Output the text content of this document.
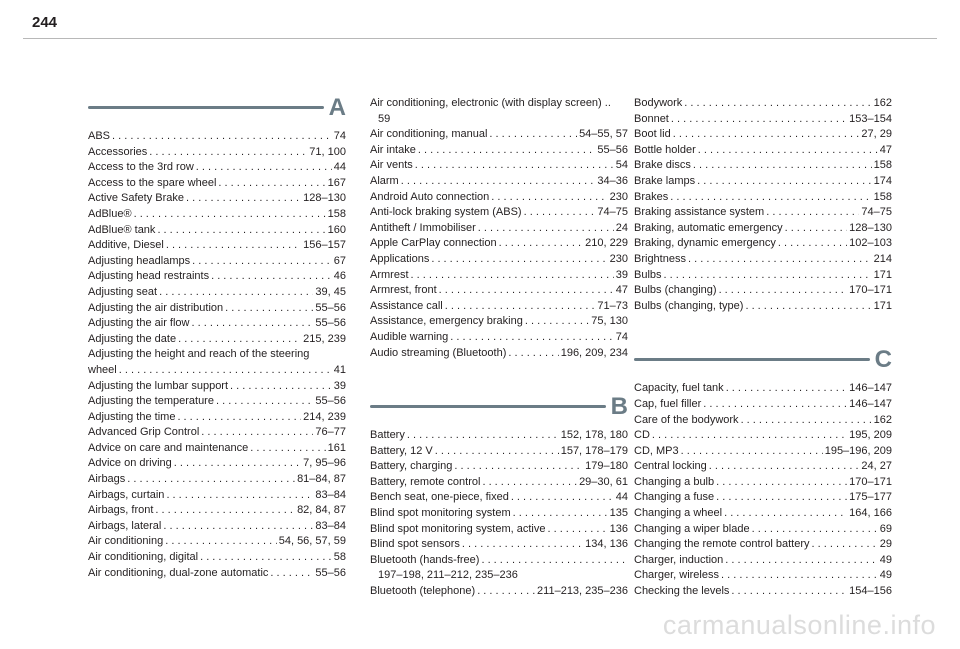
244
A
ABS . . .	74
Accessories . . .	71, 100
Access to the 3rd row . . .	44
Access to the spare wheel . . .	167
Active Safety Brake . . .	128–130
AdBlue® . . .	158
AdBlue® tank . . .	160
Additive, Diesel . . .	156–157
Adjusting headlamps . . .	67
Adjusting head restraints . . .	46
Adjusting seat . . .	39, 45
Adjusting the air distribution . . .	55–56
Adjusting the air flow . . .	55–56
Adjusting the date . . .	215, 239
Adjusting the height and reach of the steering
wheel . . .	41
Adjusting the lumbar support . . .	39
Adjusting the temperature . . .	55–56
Adjusting the time . . .	214, 239
Advanced Grip Control . . .	76–77
Advice on care and maintenance . . .	161
Advice on driving . . .	7, 95–96
Airbags . . .	81–84, 87
Airbags, curtain . . .	83–84
Airbags, front . . .	82, 84, 87
Airbags, lateral . . .	83–84
Air conditioning . . .	54, 56, 57, 59
Air conditioning, digital . . .	58
Air conditioning, dual-zone automatic . . .	55–56
Air conditioning, electronic (with display screen) ..
59
Air conditioning, manual . . .	54–55, 57
Air intake . . .	55–56
Air vents . . .	54
Alarm . . .	34–36
Android Auto connection . . .	230
Anti-lock braking system (ABS) . . .	74–75
Antitheft / Immobiliser . . .	24
Apple CarPlay connection . . .	210, 229
Applications . . .	230
Armrest . . .	39
Armrest, front . . .	47
Assistance call . . .	71–73
Assistance, emergency braking . . .	75, 130
Audible warning . . .	74
Audio streaming (Bluetooth) . . .	196, 209, 234
B
Battery . . .	152, 178, 180
Battery, 12 V . . .	157, 178–179
Battery, charging . . .	179–180
Battery, remote control . . .	29–30, 61
Bench seat, one-piece, fixed . . .	44
Blind spot monitoring system . . .	135
Blind spot monitoring system, active . . .	136
Blind spot sensors . . .	134, 136
Bluetooth (hands-free)
. . .
197–198, 211–212, 235–236
Bluetooth (telephone) . . .	211–213, 235–236
Bodywork . . .	162
Bonnet . . .	153–154
Boot lid . . .	27, 29
Bottle holder . . .	47
Brake discs . . .	158
Brake lamps . . .	174
Brakes . . .	158
Braking assistance system . . .	74–75
Braking, automatic emergency . . .	128–130
Braking, dynamic emergency . . .	102–103
Brightness . . .	214
Bulbs . . .	171
Bulbs (changing) . . .	170–171
Bulbs (changing, type) . . .	171
C
Capacity, fuel tank . . .	146–147
Cap, fuel filler . . .	146–147
Care of the bodywork . . .	162
CD . . .	195, 209
CD, MP3 . . .	195–196, 209
Central locking . . .	24, 27
Changing a bulb . . .	170–171
Changing a fuse . . .	175–177
Changing a wheel . . .	164, 166
Changing a wiper blade . . .	69
Changing the remote control battery . . .	29
Charger, induction . . .	49
Charger, wireless . . .	49
Checking the levels . . .	154–156
carmanualsonline.info
